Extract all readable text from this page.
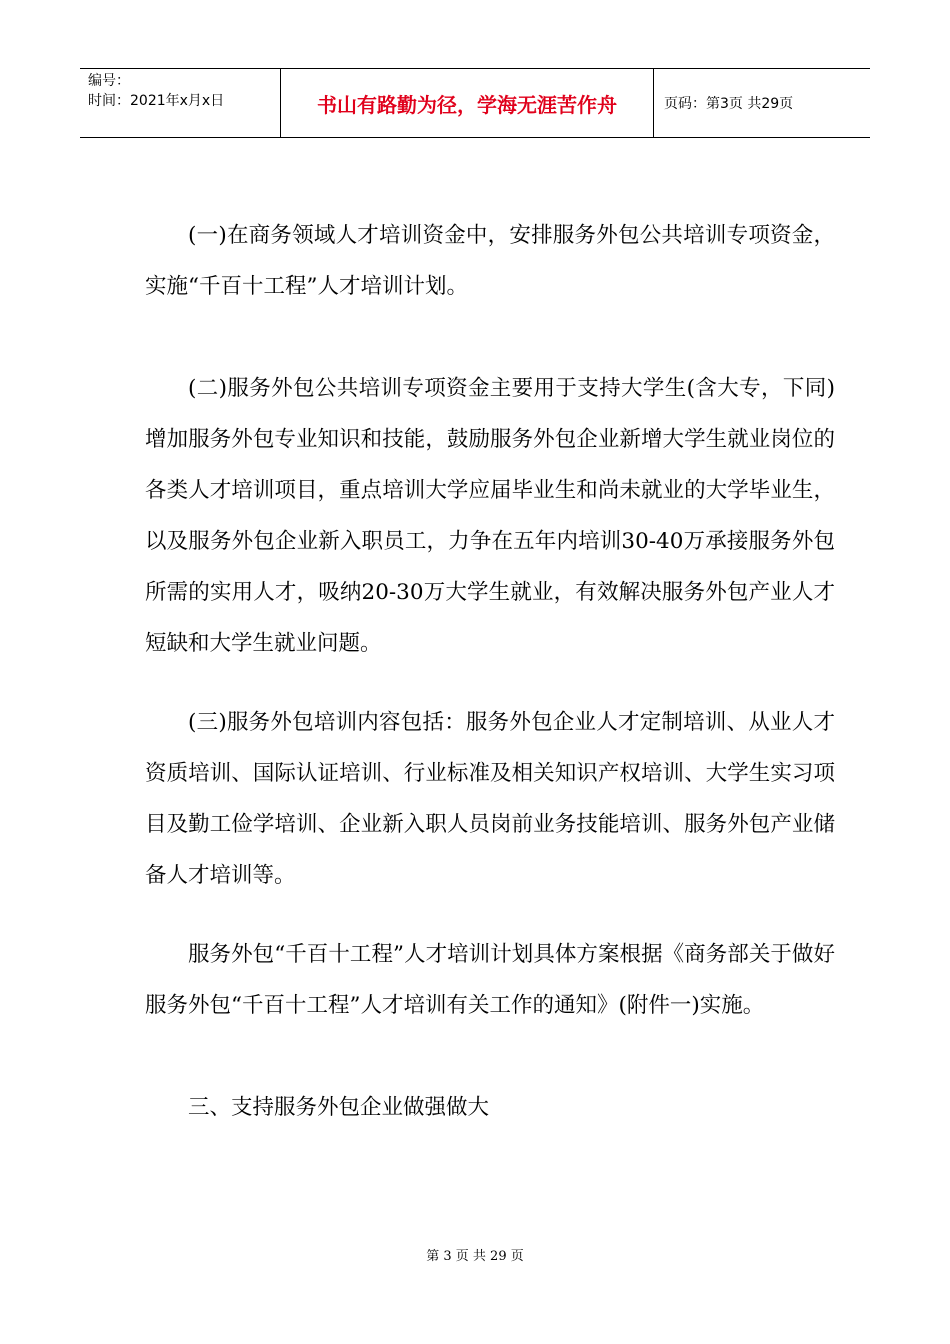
编号：
时间：2021年x月x日	书山有路勤为径，学海无涯苦作舟	页码：第3页 共29页

(一)在商务领域人才培训资金中，安排服务外包公共培训专项资金，实施“千百十工程”人才培训计划。

(二)服务外包公共培训专项资金主要用于支持大学生(含大专，下同)增加服务外包专业知识和技能，鼓励服务外包企业新增大学生就业岗位的各类人才培训项目，重点培训大学应届毕业生和尚未就业的大学毕业生，以及服务外包企业新入职员工，力争在五年内培训30-40万承接服务外包所需的实用人才，吸纳20-30万大学生就业，有效解决服务外包产业人才短缺和大学生就业问题。

(三)服务外包培训内容包括：服务外包企业人才定制培训、从业人才资质培训、国际认证培训、行业标准及相关知识产权培训、大学生实习项目及勤工俭学培训、企业新入职人员岗前业务技能培训、服务外包产业储备人才培训等。

服务外包“千百十工程”人才培训计划具体方案根据《商务部关于做好服务外包“千百十工程”人才培训有关工作的通知》(附件一)实施。

三、支持服务外包企业做强做大

第 3 页 共 29 页
